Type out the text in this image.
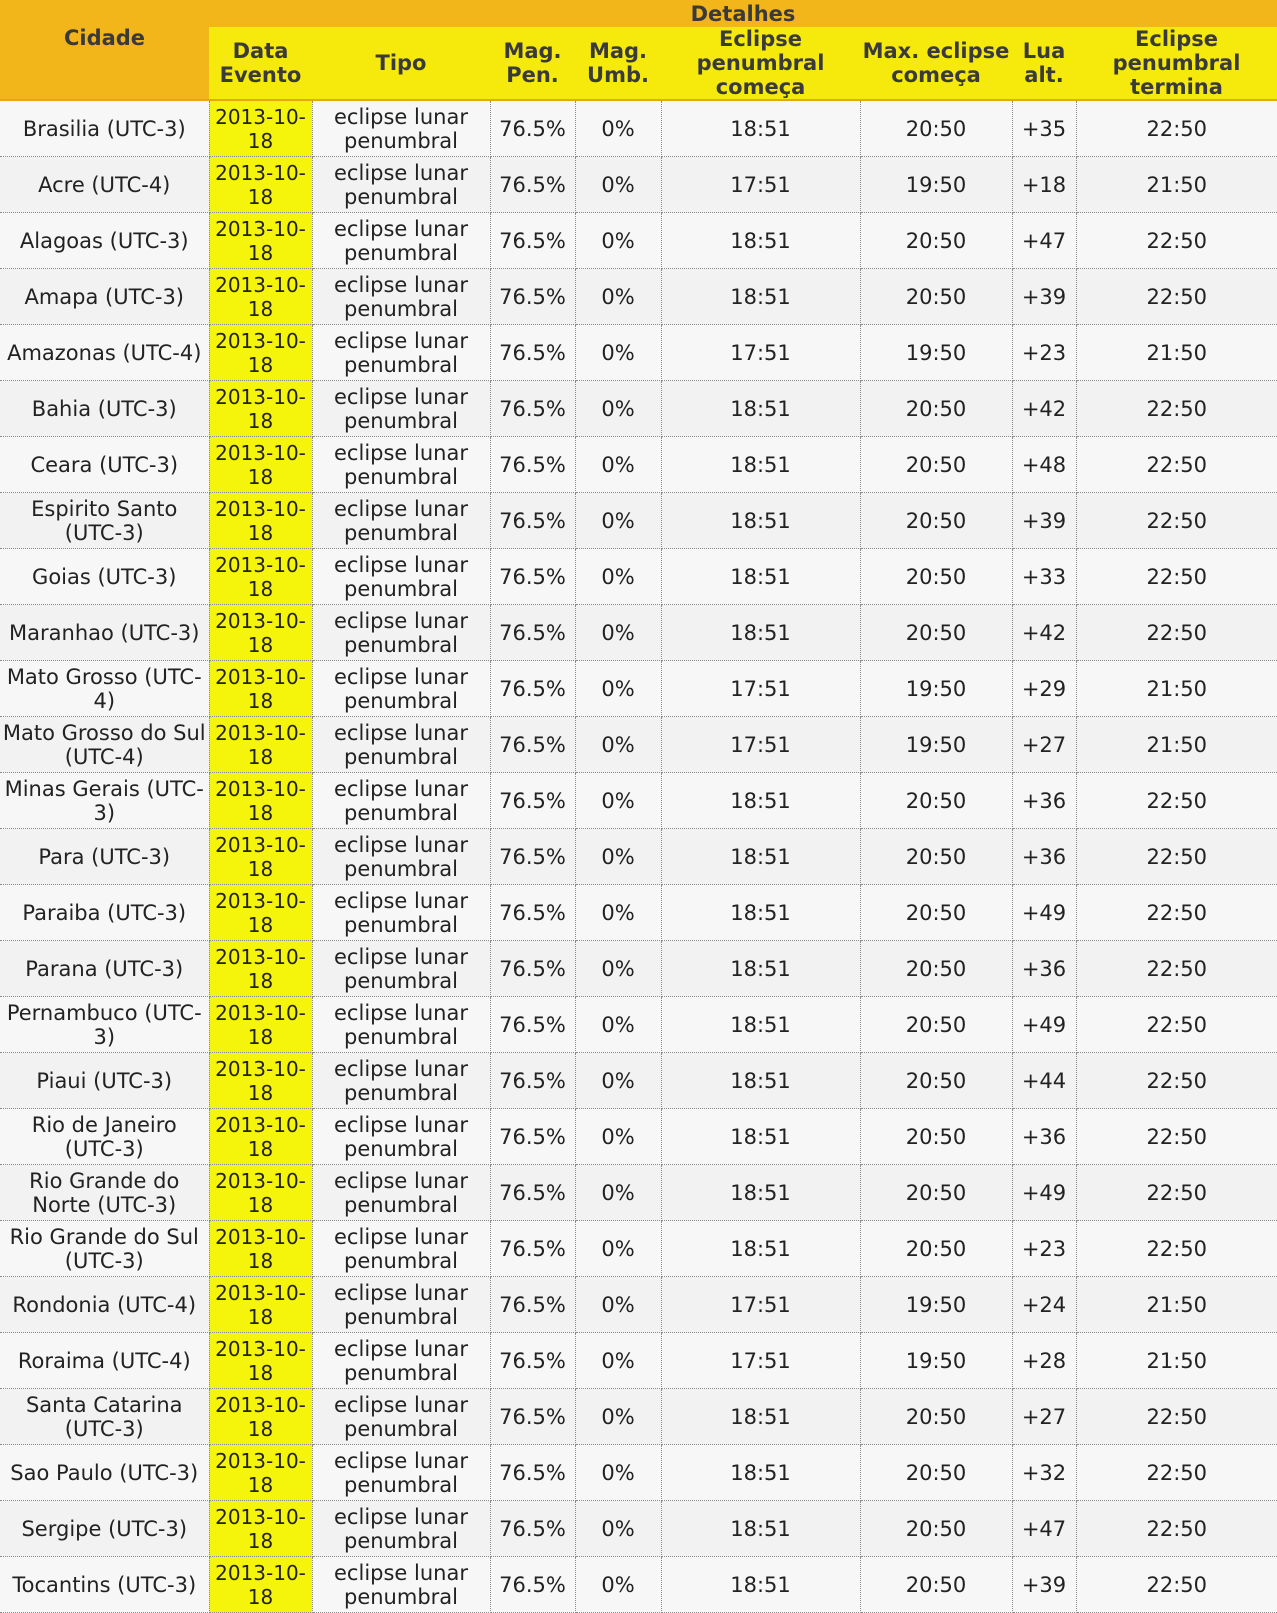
Cidade	Detalhes							
	Data Evento	Tipo	Mag. Pen.	Mag. Umb.	Eclipse penumbral começa	Max. eclipse começa	Lua alt.	Eclipse penumbral termina
Brasilia (UTC-3)	2013-10-18	eclipse lunar penumbral	76.5%	0%	18:51	20:50	+35	22:50
Acre (UTC-4)	2013-10-18	eclipse lunar penumbral	76.5%	0%	17:51	19:50	+18	21:50
Alagoas (UTC-3)	2013-10-18	eclipse lunar penumbral	76.5%	0%	18:51	20:50	+47	22:50
Amapa (UTC-3)	2013-10-18	eclipse lunar penumbral	76.5%	0%	18:51	20:50	+39	22:50
Amazonas (UTC-4)	2013-10-18	eclipse lunar penumbral	76.5%	0%	17:51	19:50	+23	21:50
Bahia (UTC-3)	2013-10-18	eclipse lunar penumbral	76.5%	0%	18:51	20:50	+42	22:50
Ceara (UTC-3)	2013-10-18	eclipse lunar penumbral	76.5%	0%	18:51	20:50	+48	22:50
Espirito Santo (UTC-3)	2013-10-18	eclipse lunar penumbral	76.5%	0%	18:51	20:50	+39	22:50
Goias (UTC-3)	2013-10-18	eclipse lunar penumbral	76.5%	0%	18:51	20:50	+33	22:50
Maranhao (UTC-3)	2013-10-18	eclipse lunar penumbral	76.5%	0%	18:51	20:50	+42	22:50
Mato Grosso (UTC-4)	2013-10-18	eclipse lunar penumbral	76.5%	0%	17:51	19:50	+29	21:50
Mato Grosso do Sul (UTC-4)	2013-10-18	eclipse lunar penumbral	76.5%	0%	17:51	19:50	+27	21:50
Minas Gerais (UTC-3)	2013-10-18	eclipse lunar penumbral	76.5%	0%	18:51	20:50	+36	22:50
Para (UTC-3)	2013-10-18	eclipse lunar penumbral	76.5%	0%	18:51	20:50	+36	22:50
Paraiba (UTC-3)	2013-10-18	eclipse lunar penumbral	76.5%	0%	18:51	20:50	+49	22:50
Parana (UTC-3)	2013-10-18	eclipse lunar penumbral	76.5%	0%	18:51	20:50	+36	22:50
Pernambuco (UTC-3)	2013-10-18	eclipse lunar penumbral	76.5%	0%	18:51	20:50	+49	22:50
Piaui (UTC-3)	2013-10-18	eclipse lunar penumbral	76.5%	0%	18:51	20:50	+44	22:50
Rio de Janeiro (UTC-3)	2013-10-18	eclipse lunar penumbral	76.5%	0%	18:51	20:50	+36	22:50
Rio Grande do Norte (UTC-3)	2013-10-18	eclipse lunar penumbral	76.5%	0%	18:51	20:50	+49	22:50
Rio Grande do Sul (UTC-3)	2013-10-18	eclipse lunar penumbral	76.5%	0%	18:51	20:50	+23	22:50
Rondonia (UTC-4)	2013-10-18	eclipse lunar penumbral	76.5%	0%	17:51	19:50	+24	21:50
Roraima (UTC-4)	2013-10-18	eclipse lunar penumbral	76.5%	0%	17:51	19:50	+28	21:50
Santa Catarina (UTC-3)	2013-10-18	eclipse lunar penumbral	76.5%	0%	18:51	20:50	+27	22:50
Sao Paulo (UTC-3)	2013-10-18	eclipse lunar penumbral	76.5%	0%	18:51	20:50	+32	22:50
Sergipe (UTC-3)	2013-10-18	eclipse lunar penumbral	76.5%	0%	18:51	20:50	+47	22:50
Tocantins (UTC-3)	2013-10-18	eclipse lunar penumbral	76.5%	0%	18:51	20:50	+39	22:50
